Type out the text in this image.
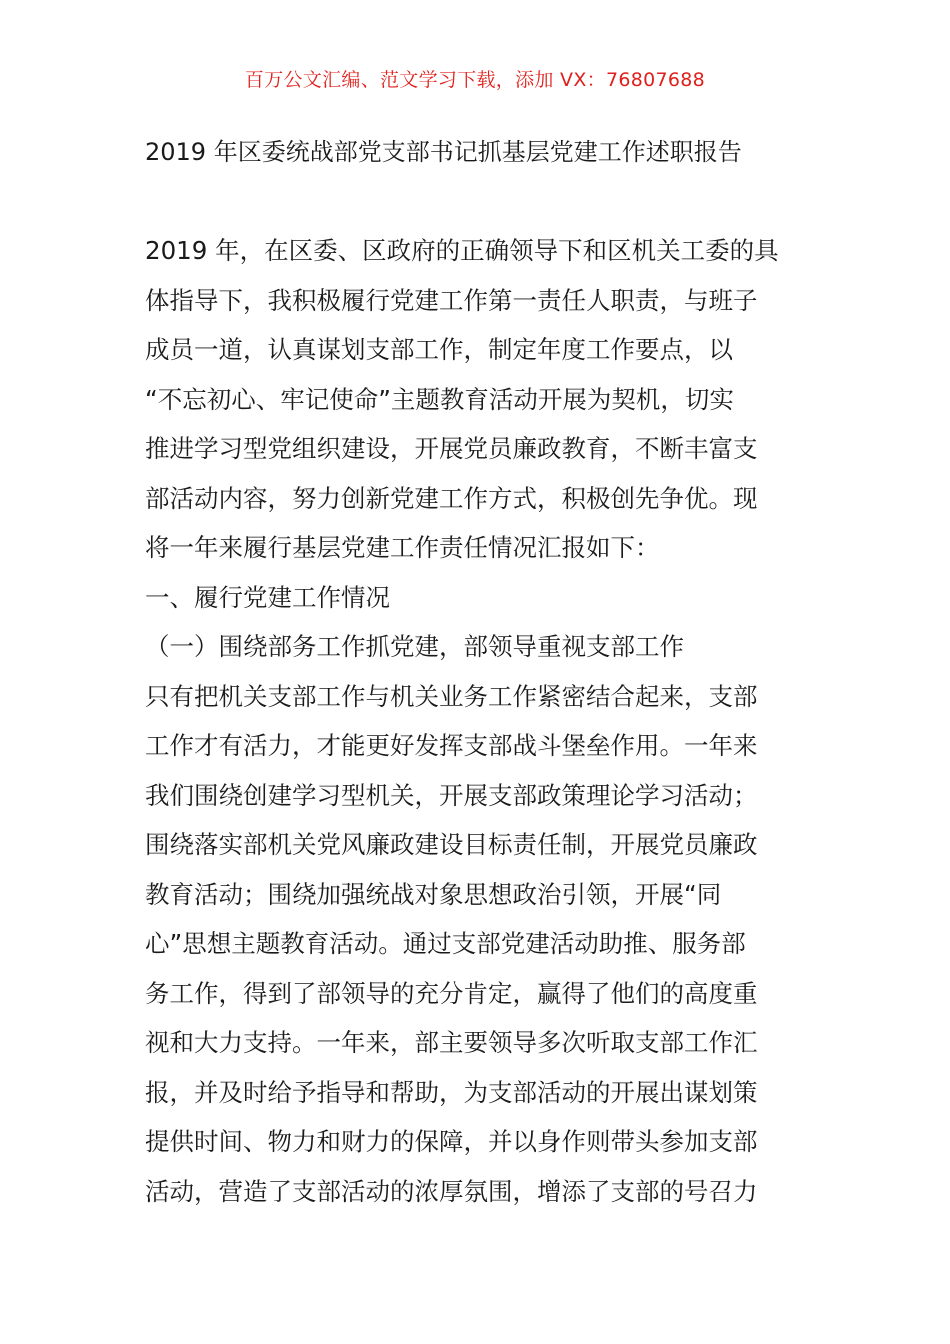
百万公文汇编、范文学习下载，添加 VX：76807688
2019 年区委统战部党支部书记抓基层党建工作述职报告
2019 年，在区委、区政府的正确领导下和区机关工委的具
体指导下，我积极履行党建工作第一责任人职责，与班子
成员一道，认真谋划支部工作，制定年度工作要点，以
“不忘初心、牢记使命”主题教育活动开展为契机，切实
推进学习型党组织建设，开展党员廉政教育，不断丰富支
部活动内容，努力创新党建工作方式，积极创先争优。现
将一年来履行基层党建工作责任情况汇报如下：
一、履行党建工作情况
（一）围绕部务工作抓党建，部领导重视支部工作
只有把机关支部工作与机关业务工作紧密结合起来，支部
工作才有活力，才能更好发挥支部战斗堡垒作用。一年来
我们围绕创建学习型机关，开展支部政策理论学习活动；
围绕落实部机关党风廉政建设目标责任制，开展党员廉政
教育活动；围绕加强统战对象思想政治引领，开展“同
心”思想主题教育活动。通过支部党建活动助推、服务部
务工作，得到了部领导的充分肯定，赢得了他们的高度重
视和大力支持。一年来，部主要领导多次听取支部工作汇
报，并及时给予指导和帮助，为支部活动的开展出谋划策
提供时间、物力和财力的保障，并以身作则带头参加支部
活动，营造了支部活动的浓厚氛围，增添了支部的号召力
